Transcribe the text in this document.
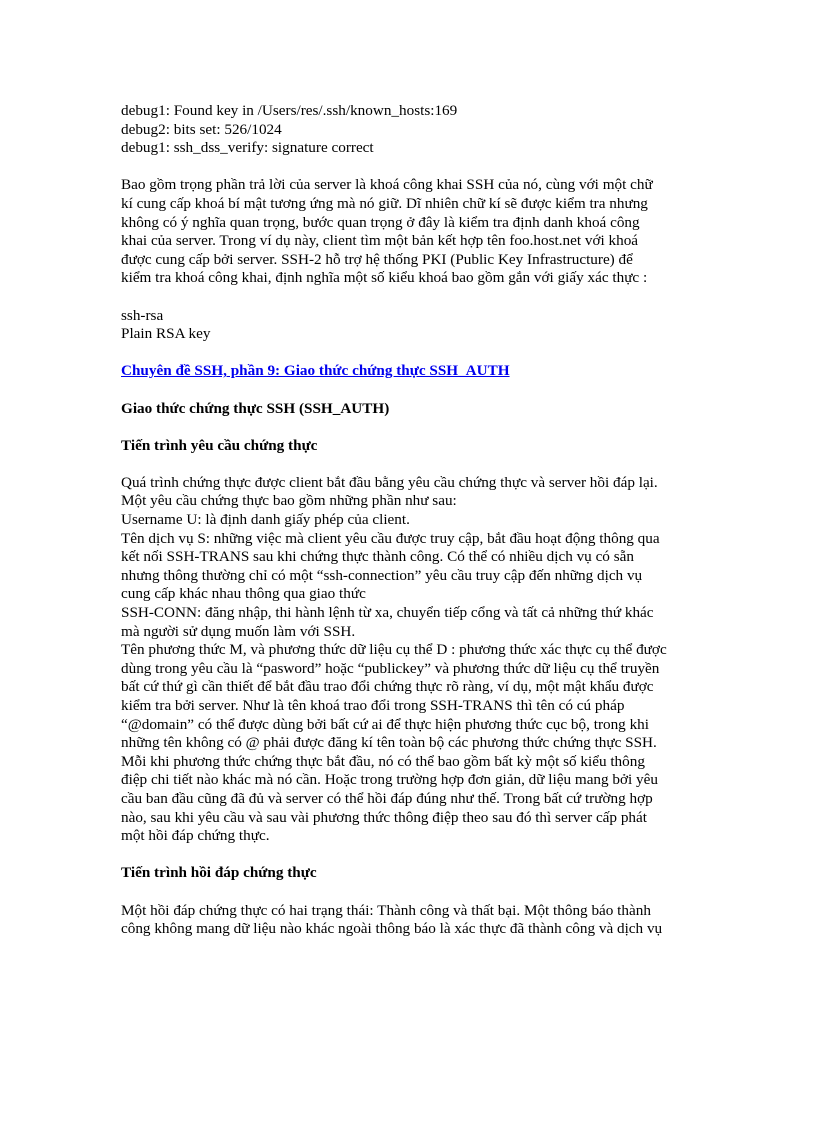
debug1: Found key in /Users/res/.ssh/known_hosts:169
debug2: bits set: 526/1024
debug1: ssh_dss_verify: signature correct
Bao gồm trọng phần trả lời của server là khoá công khai SSH của nó, cùng với một chữ
kí cung cấp khoá bí mật tương ứng mà nó giữ. Dĩ nhiên chữ kí sẽ được kiểm tra nhưng
không có ý nghĩa quan trọng, bước quan trọng ở đây là kiểm tra định danh khoá công
khai của server. Trong ví dụ này, client tìm một bản kết hợp tên foo.host.net với khoá
được cung cấp bởi server. SSH-2 hỗ trợ hệ thống PKI (Public Key Infrastructure) để
kiểm tra khoá công khai, định nghĩa một số kiểu khoá bao gồm gắn với giấy xác thực :
ssh-rsa
Plain RSA key
Chuyên đề SSH, phần 9: Giao thức chứng thực SSH_AUTH
Giao thức chứng thực SSH (SSH_AUTH)
Tiến trình yêu cầu chứng thực
Quá trình chứng thực được client bắt đầu bằng yêu cầu chứng thực và server hồi đáp lại.
Một yêu cầu chứng thực bao gồm những phần như sau:
Username U: là định danh giấy phép của client.
Tên dịch vụ S: những việc mà client yêu cầu được truy cập, bắt đầu hoạt động thông qua
kết nối SSH-TRANS sau khi chứng thực thành công. Có thể có nhiều dịch vụ có sẵn
nhưng thông thường chỉ có một “ssh-connection” yêu cầu truy cập đến những dịch vụ
cung cấp khác nhau thông qua giao thức
SSH-CONN: đăng nhập, thi hành lệnh từ xa, chuyển tiếp cổng và tất cả những thứ khác
mà người sử dụng muốn làm với SSH.
Tên phương thức M, và phương thức dữ liệu cụ thể D : phương thức xác thực cụ thể được
dùng trong yêu cầu là “pasword” hoặc “publickey” và phương thức dữ liệu cụ thể truyền
bất cứ thứ gì cần thiết để bắt đầu trao đổi chứng thực rõ ràng, ví dụ, một mật khẩu được
kiểm tra bởi server. Như là tên khoá trao đổi trong SSH-TRANS thì tên có cú pháp
“@domain” có thể được dùng bởi bất cứ ai để thực hiện phương thức cục bộ, trong khi
những tên không có @ phải được đăng kí tên toàn bộ các phương thức chứng thực SSH.
Mỗi khi phương thức chứng thực bắt đầu, nó có thể bao gồm bất kỳ một số kiểu thông
điệp chi tiết nào khác mà nó cần. Hoặc trong trường hợp đơn giản, dữ liệu mang bởi yêu
cầu ban đầu cũng đã đủ và server có thể hồi đáp đúng như thế. Trong bất cứ trường hợp
nào, sau khi yêu cầu và sau vài phương thức thông điệp theo sau đó thì server cấp phát
một hồi đáp chứng thực.
Tiến trình hồi đáp chứng thực
Một hồi đáp chứng thực có hai trạng thái: Thành công và thất bại. Một thông báo thành
công không mang dữ liệu nào khác ngoài thông báo là xác thực đã thành công và dịch vụ
